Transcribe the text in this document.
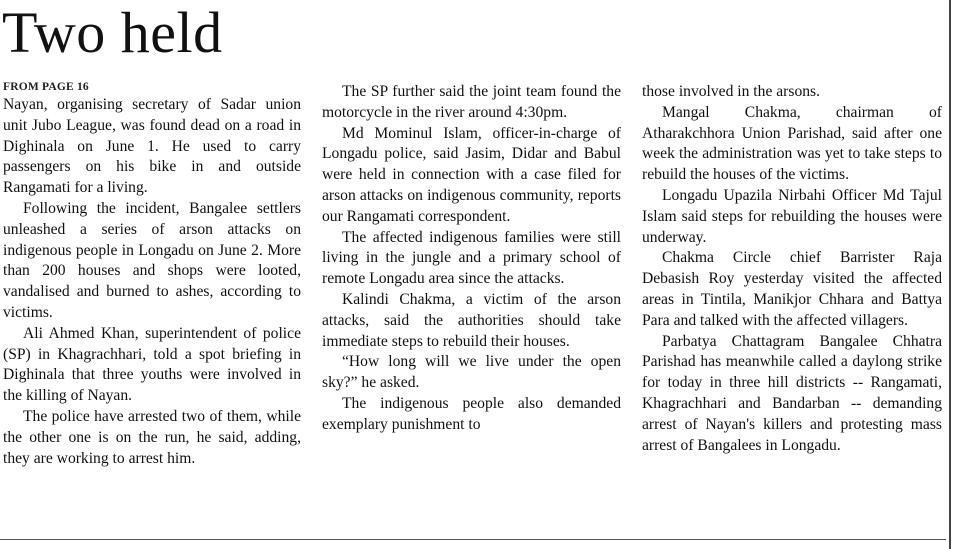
Two held
FROM PAGE 16

Nayan, organising secretary of Sadar union unit Jubo League, was found dead on a road in Dighinala on June 1. He used to carry passengers on his bike in and outside Rangamati for a living.

Following the incident, Bangalee settlers unleashed a series of arson attacks on indigenous people in Longadu on June 2. More than 200 houses and shops were looted, vandalised and burned to ashes, according to victims.

Ali Ahmed Khan, superintendent of police (SP) in Khagrachhari, told a spot briefing in Dighinala that three youths were involved in the killing of Nayan.

The police have arrested two of them, while the other one is on the run, he said, adding, they are working to arrest him.

The SP further said the joint team found the motorcycle in the river around 4:30pm.

Md Mominul Islam, officer-in-charge of Longadu police, said Jasim, Didar and Babul were held in connection with a case filed for arson attacks on indigenous community, reports our Rangamati correspondent.

The affected indigenous families were still living in the jungle and a primary school of remote Longadu area since the attacks.

Kalindi Chakma, a victim of the arson attacks, said the authorities should take immediate steps to rebuild their houses.

“How long will we live under the open sky?” he asked.

The indigenous people also demanded exemplary punishment to

those involved in the arsons.

Mangal Chakma, chairman of Atharakchhora Union Parishad, said after one week the administration was yet to take steps to rebuild the houses of the victims.

Longadu Upazila Nirbahi Officer Md Tajul Islam said steps for rebuilding the houses were underway.

Chakma Circle chief Barrister Raja Debasish Roy yesterday visited the affected areas in Tintila, Manikjor Chhara and Battya Para and talked with the affected villagers.

Parbatya Chattagram Bangalee Chhatra Parishad has meanwhile called a daylong strike for today in three hill districts -- Rangamati, Khagrachhari and Bandarban -- demanding arrest of Nayan's killers and protesting mass arrest of Bangalees in Longadu.
